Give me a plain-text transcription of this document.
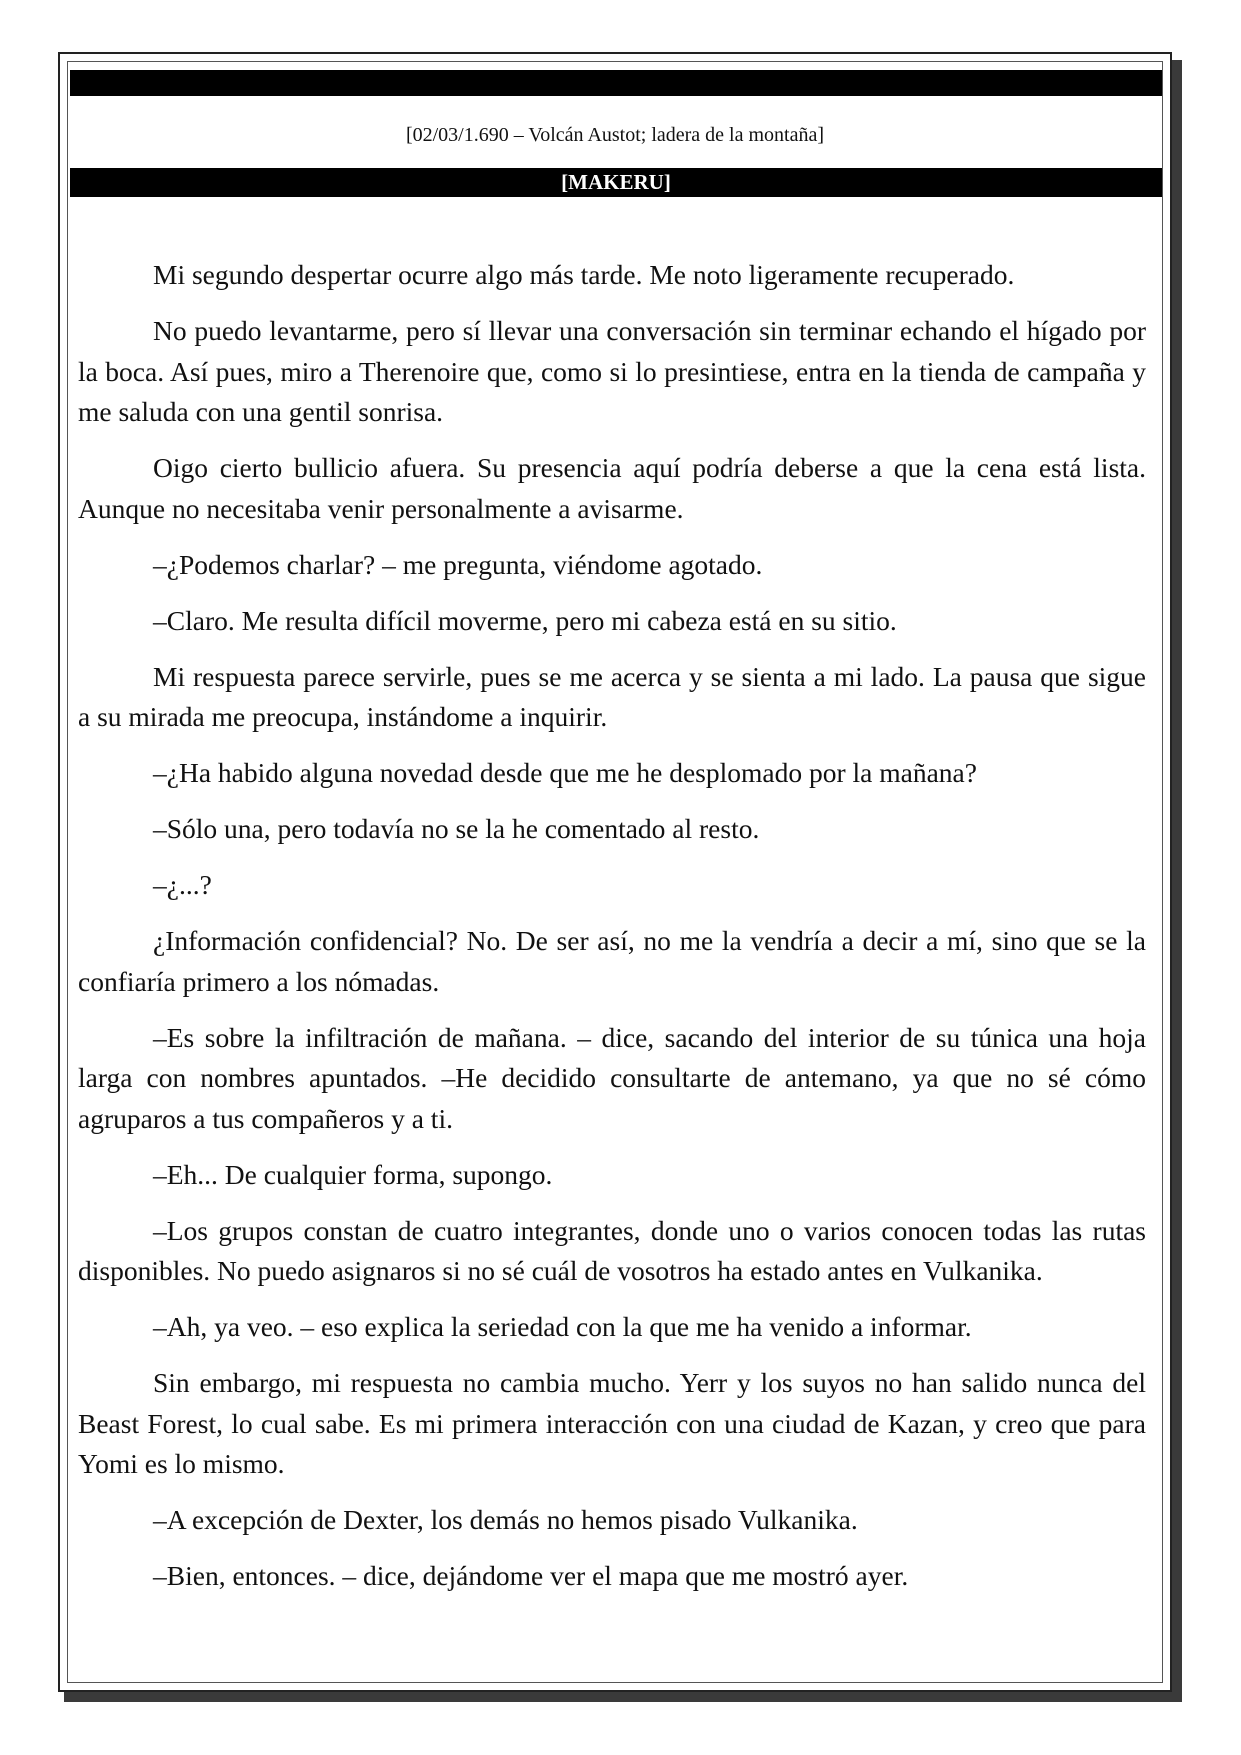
[02/03/1.690 – Volcán Austot; ladera de la montaña]
[MAKERU]

Mi segundo despertar ocurre algo más tarde. Me noto ligeramente recuperado.

No puedo levantarme, pero sí llevar una conversación sin terminar echando el hígado por la boca. Así pues, miro a Therenoire que, como si lo presintiese, entra en la tienda de campaña y me saluda con una gentil sonrisa.

Oigo cierto bullicio afuera. Su presencia aquí podría deberse a que la cena está lista. Aunque no necesitaba venir personalmente a avisarme.

–¿Podemos charlar? – me pregunta, viéndome agotado.

–Claro. Me resulta difícil moverme, pero mi cabeza está en su sitio.

Mi respuesta parece servirle, pues se me acerca y se sienta a mi lado. La pausa que sigue a su mirada me preocupa, instándome a inquirir.

–¿Ha habido alguna novedad desde que me he desplomado por la mañana?

–Sólo una, pero todavía no se la he comentado al resto.

–¿...?

¿Información confidencial? No. De ser así, no me la vendría a decir a mí, sino que se la confiaría primero a los nómadas.

–Es sobre la infiltración de mañana. – dice, sacando del interior de su túnica una hoja larga con nombres apuntados. –He decidido consultarte de antemano, ya que no sé cómo agruparos a tus compañeros y a ti.

–Eh... De cualquier forma, supongo.

–Los grupos constan de cuatro integrantes, donde uno o varios conocen todas las rutas disponibles. No puedo asignaros si no sé cuál de vosotros ha estado antes en Vulkanika.

–Ah, ya veo. – eso explica la seriedad con la que me ha venido a informar.

Sin embargo, mi respuesta no cambia mucho. Yerr y los suyos no han salido nunca del Beast Forest, lo cual sabe. Es mi primera interacción con una ciudad de Kazan, y creo que para Yomi es lo mismo.

–A excepción de Dexter, los demás no hemos pisado Vulkanika.

–Bien, entonces. – dice, dejándome ver el mapa que me mostró ayer.
